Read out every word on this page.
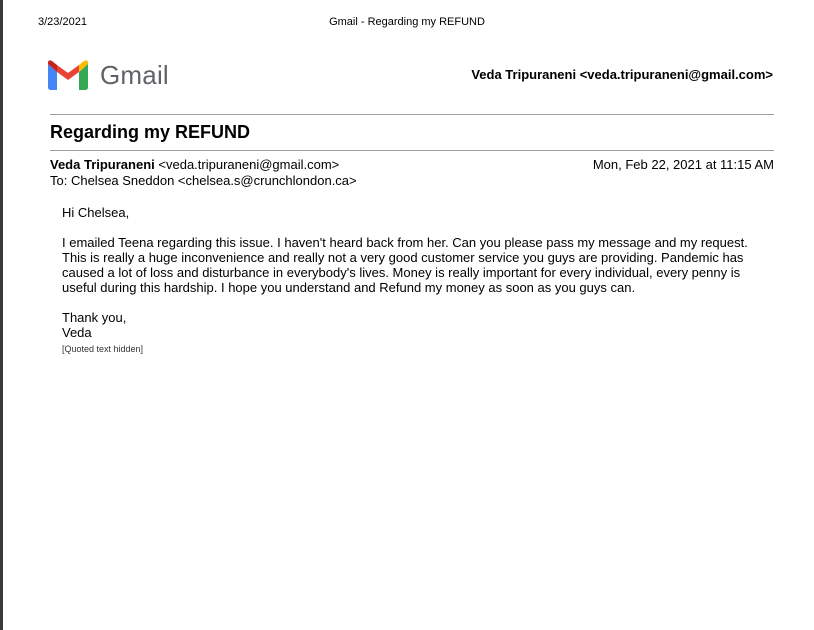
3/23/2021	Gmail - Regarding my REFUND
Gmail	Veda Tripuraneni <veda.tripuraneni@gmail.com>
Regarding my REFUND
Veda Tripuraneni <veda.tripuraneni@gmail.com>	Mon, Feb 22, 2021 at 11:15 AM
To: Chelsea Sneddon <chelsea.s@crunchlondon.ca>

Hi Chelsea,

I emailed Teena regarding this issue. I haven't heard back from her. Can you please pass my message and my request.

This is really a huge inconvenience and really not a very good customer service you guys are providing. Pandemic has

caused a lot of loss and disturbance in everybody's lives. Money is really important for every individual, every penny is

useful during this hardship. I hope you understand and Refund my money as soon as you guys can.

Thank you,

Veda

[Quoted text hidden]
